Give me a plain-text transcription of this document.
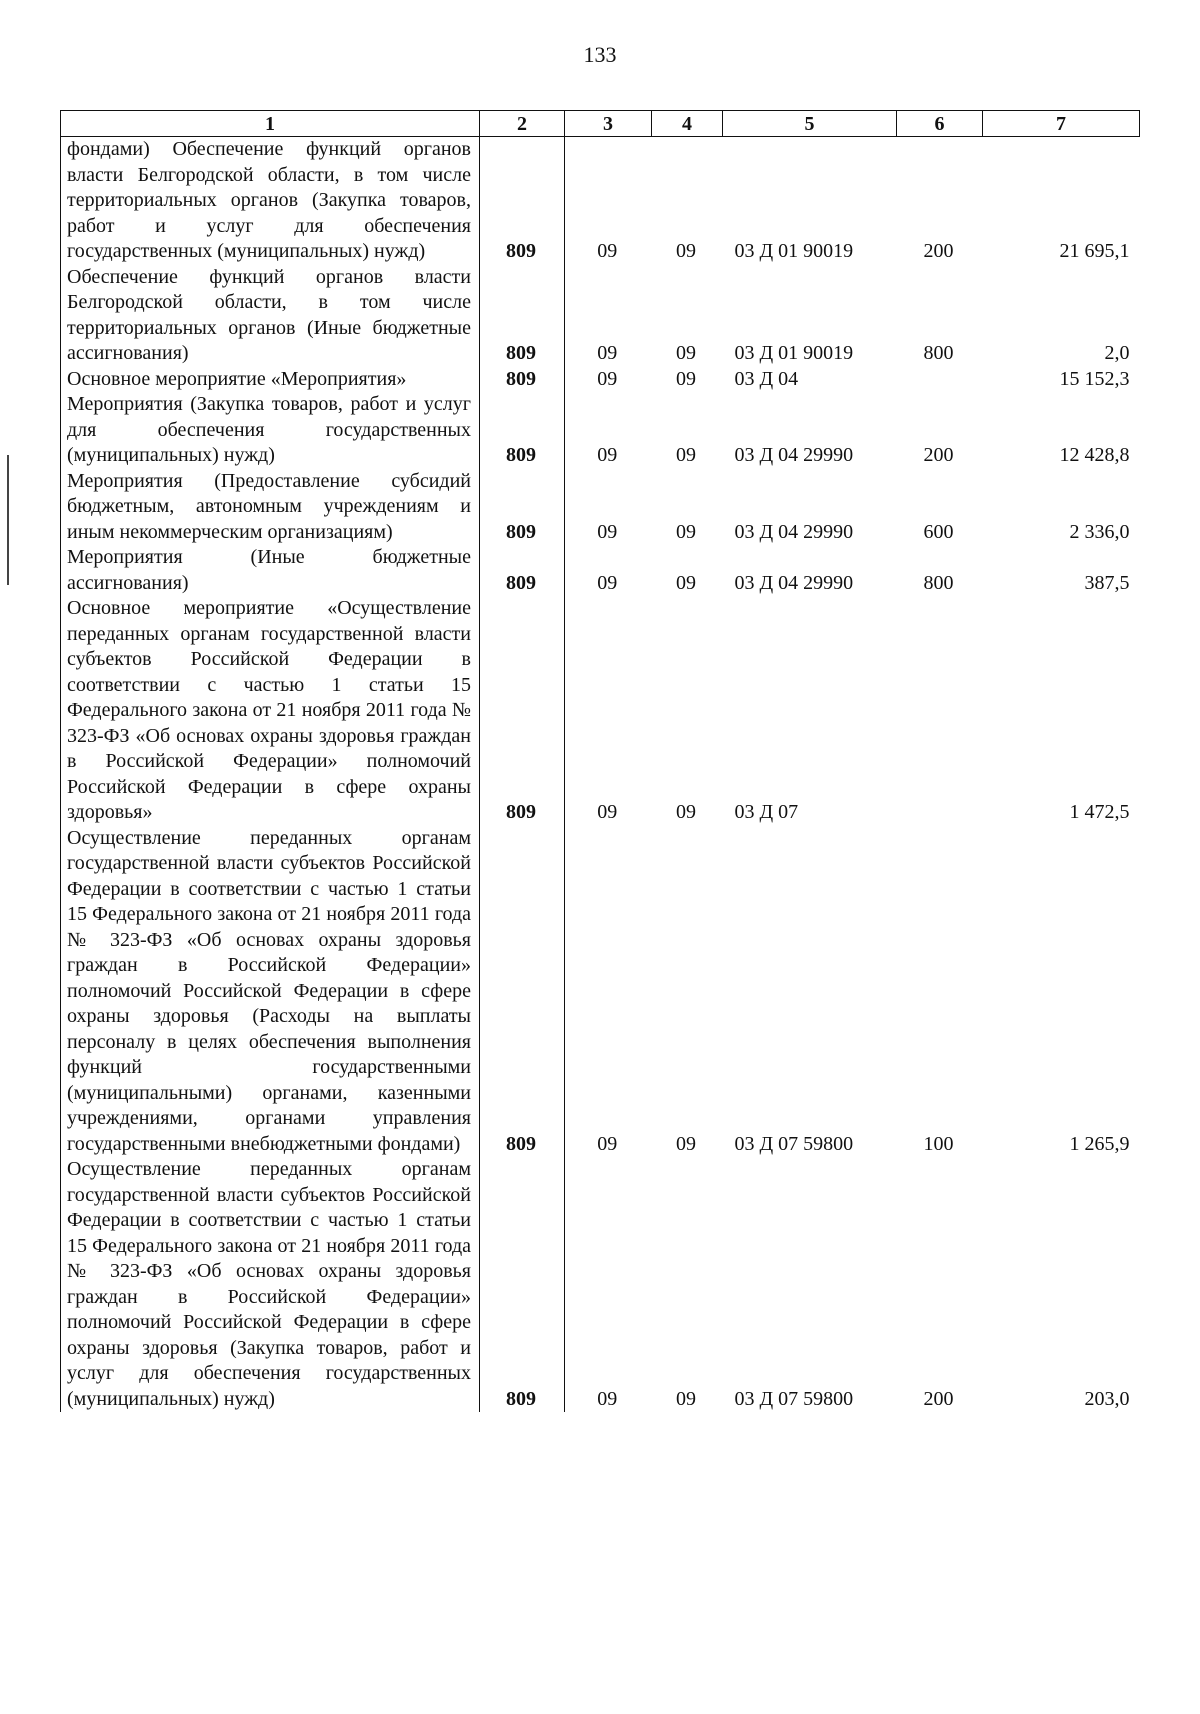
133
1	2	3	4	5	6	7
фондами) Обеспечение функций органов власти Белгородской области, в том числе территориальных органов (Закупка товаров, работ и услуг для обеспечения государственных (муниципальных) нужд)	809	09	09	03 Д 01 90019	200	21 695,1
Обеспечение функций органов власти Белгородской области, в том числе территориальных органов (Иные бюджетные ассигнования)	809	09	09	03 Д 01 90019	800	2,0
Основное мероприятие «Мероприятия»	809	09	09	03 Д 04		15 152,3
Мероприятия (Закупка товаров, работ и услуг для обеспечения государственных (муниципальных) нужд)	809	09	09	03 Д 04 29990	200	12 428,8
Мероприятия (Предоставление субсидий бюджетным, автономным учреждениям и иным некоммерческим организациям)	809	09	09	03 Д 04 29990	600	2 336,0
Мероприятия (Иные бюджетные ассигнования)	809	09	09	03 Д 04 29990	800	387,5
Основное мероприятие «Осуществление переданных органам государственной власти субъектов Российской Федерации в соответствии с частью 1 статьи 15 Федерального закона от 21 ноября 2011 года № 323-ФЗ «Об основах охраны здоровья граждан в Российской Федерации» полномочий Российской Федерации в сфере охраны здоровья»	809	09	09	03 Д 07		1 472,5
Осуществление переданных органам государственной власти субъектов Российской Федерации в соответствии с частью 1 статьи 15 Федерального закона от 21 ноября 2011 года № 323-ФЗ «Об основах охраны здоровья граждан в Российской Федерации» полномочий Российской Федерации в сфере охраны здоровья (Расходы на выплаты персоналу в целях обеспечения выполнения функций государственными (муниципальными) органами, казенными учреждениями, органами управления государственными внебюджетными фондами)	809	09	09	03 Д 07 59800	100	1 265,9
Осуществление переданных органам государственной власти субъектов Российской Федерации в соответствии с частью 1 статьи 15 Федерального закона от 21 ноября 2011 года № 323-ФЗ «Об основах охраны здоровья граждан в Российской Федерации» полномочий Российской Федерации в сфере охраны здоровья (Закупка товаров, работ и услуг для обеспечения государственных (муниципальных) нужд)	809	09	09	03 Д 07 59800	200	203,0
